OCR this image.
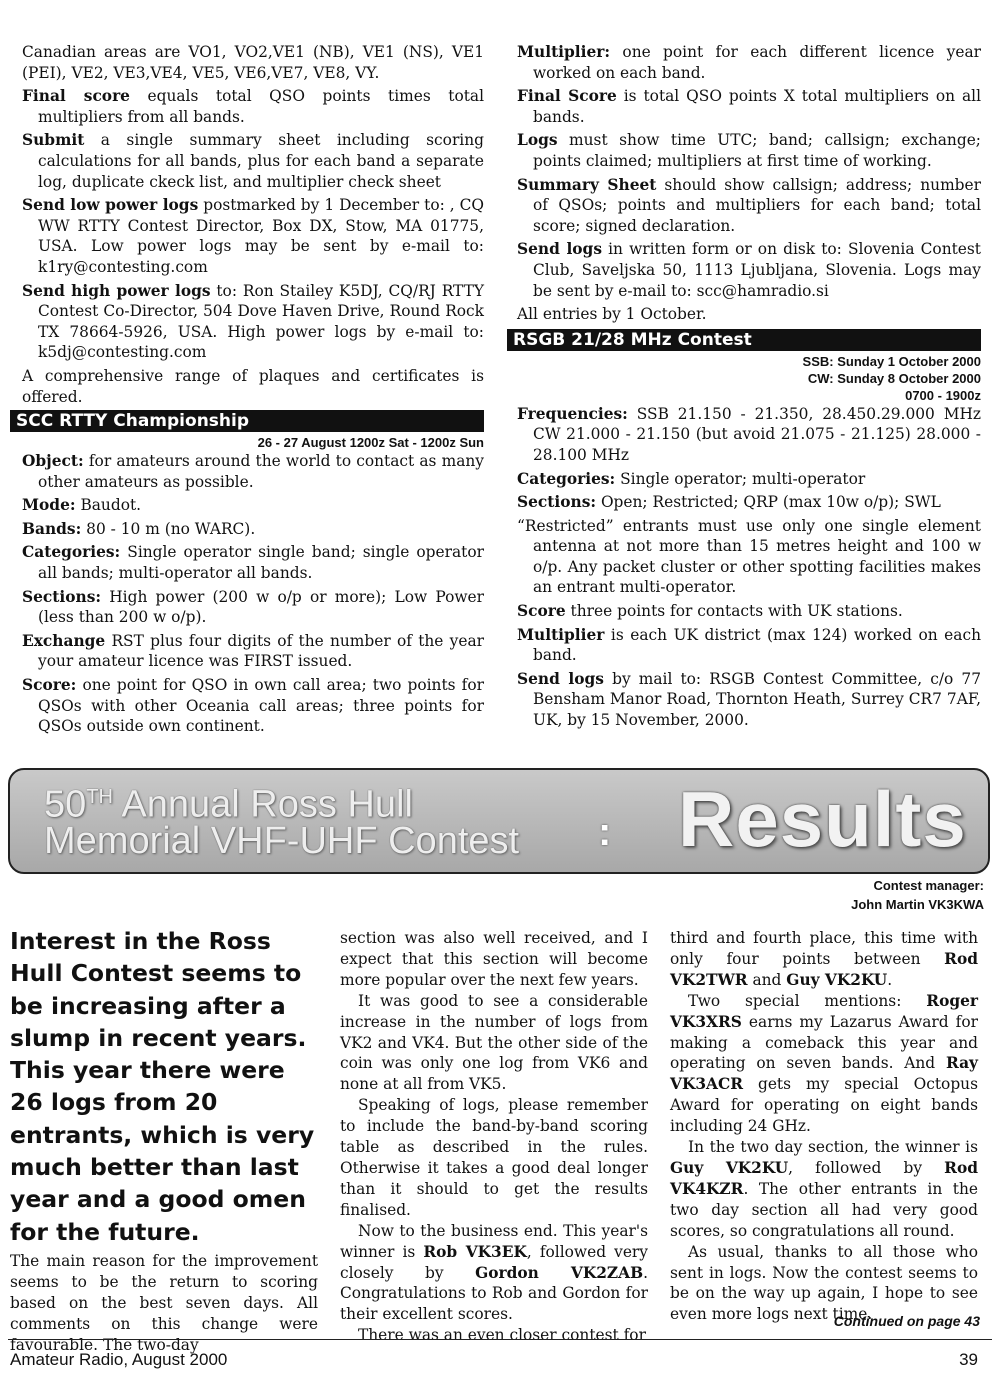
Canadian areas are VO1, VO2,VE1 (NB), VE1 (NS), VE1 (PEI), VE2, VE3,VE4, VE5, VE6,VE7, VE8, VY.

Final score equals total QSO points times total multipliers from all bands.

Submit a single summary sheet including scoring calculations for all bands, plus for each band a separate log, duplicate ckeck list, and multiplier check sheet

Send low power logs postmarked by 1 December to: , CQ WW RTTY Contest Director, Box DX, Stow, MA 01775, USA. Low power logs may be sent by e-mail to: k1ry@contesting.com

Send high power logs to: Ron Stailey K5DJ, CQ/RJ RTTY Contest Co-Director, 504 Dove Haven Drive, Round Rock TX 78664-5926, USA. High power logs by e-mail to: k5dj@contesting.com

A comprehensive range of plaques and certificates is offered.

SCC RTTY Championship
26 - 27 August 1200z Sat - 1200z Sun

Object: for amateurs around the world to contact as many other amateurs as possible.

Mode: Baudot.

Bands: 80 - 10 m (no WARC).

Categories: Single operator single band; single operator all bands; multi-operator all bands.

Sections: High power (200 w o/p or more); Low Power (less than 200 w o/p).

Exchange RST plus four digits of the number of the year your amateur licence was FIRST issued.

Score: one point for QSO in own call area; two points for QSOs with other Oceania call areas; three points for QSOs outside own continent.

Multiplier: one point for each different licence year worked on each band.

Final Score is total QSO points X total multipliers on all bands.

Logs must show time UTC; band; callsign; exchange; points claimed; multipliers at first time of working.

Summary Sheet should show callsign; address; number of QSOs; points and multipliers for each band; total score; signed declaration.

Send logs in written form or on disk to: Slovenia Contest Club, Saveljska 50, 1113 Ljubljana, Slovenia. Logs may be sent by e-mail to: scc@hamradio.si

All entries by 1 October.

RSGB 21/28 MHz Contest
SSB: Sunday 1 October 2000
CW: Sunday 8 October 2000
0700 - 1900z

Frequencies: SSB 21.150 - 21.350, 28.450.29.000 MHz CW 21.000 - 21.150 (but avoid 21.075 - 21.125) 28.000 - 28.100 MHz

Categories: Single operator; multi-operator

Sections: Open; Restricted; QRP (max 10w o/p); SWL

“Restricted” entrants must use only one single element antenna at not more than 15 metres height and 100 w o/p. Any packet cluster or other spotting facilities makes an entrant multi-operator.

Score three points for contacts with UK stations.

Multiplier is each UK district (max 124) worked on each band.

Send logs by mail to: RSGB Contest Committee, c/o 77 Bensham Manor Road, Thornton Heath, Surrey CR7 7AF, UK, by 15 November, 2000.

50TH Annual Ross Hull
Memorial VHF-UHF Contest : Results
Contest manager:
John Martin VK3KWA
Interest in the Ross Hull Contest seems to be increasing after a slump in recent years. This year there were 26 logs from 20 entrants, which is very much better than last year and a good omen for the future.
The main reason for the improvement seems to be the return to scoring based on the best seven days. All comments on this change were favourable. The two-day

section was also well received, and I expect that this section will become more popular over the next few years.

It was good to see a considerable increase in the number of logs from VK2 and VK4. But the other side of the coin was only one log from VK6 and none at all from VK5.

Speaking of logs, please remember to include the band-by-band scoring table as described in the rules. Otherwise it takes a good deal longer than it should to get the results finalised.

Now to the business end. This year's winner is Rob VK3EK, followed very closely by Gordon VK2ZAB. Congratulations to Rob and Gordon for their excellent scores.

There was an even closer contest for

third and fourth place, this time with only four points between Rod VK2TWR and Guy VK2KU.

Two special mentions: Roger VK3XRS earns my Lazarus Award for making a comeback this year and operating on seven bands. And Ray VK3ACR gets my special Octopus Award for operating on eight bands including 24 GHz.

In the two day section, the winner is Guy VK2KU, followed by Rod VK4KZR. The other entrants in the two day section all had very good scores, so congratulations all round.

As usual, thanks to all those who sent in logs. Now the contest seems to be on the way up again, I hope to see even more logs next time.

Continued on page 43
Amateur Radio, August 2000	39
